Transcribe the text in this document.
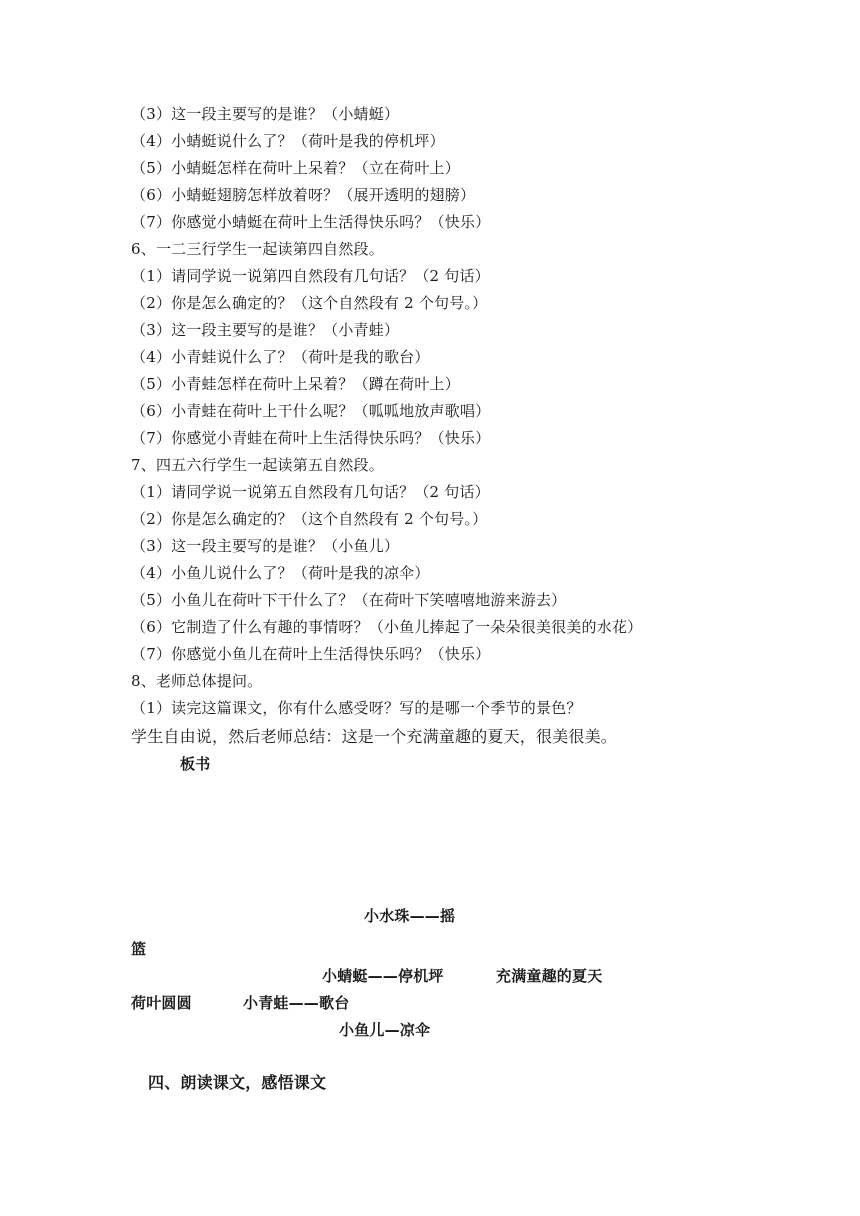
（3）这一段主要写的是谁？（小蜻蜓）
（4）小蜻蜓说什么了？（荷叶是我的停机坪）
（5）小蜻蜓怎样在荷叶上呆着？（立在荷叶上）
（6）小蜻蜓翅膀怎样放着呀？（展开透明的翅膀）
（7）你感觉小蜻蜓在荷叶上生活得快乐吗？（快乐）
6、一二三行学生一起读第四自然段。
（1）请同学说一说第四自然段有几句话？（2 句话）
（2）你是怎么确定的？（这个自然段有 2 个句号。）
（3）这一段主要写的是谁？（小青蛙）
（4）小青蛙说什么了？（荷叶是我的歌台）
（5）小青蛙怎样在荷叶上呆着？（蹲在荷叶上）
（6）小青蛙在荷叶上干什么呢？（呱呱地放声歌唱）
（7）你感觉小青蛙在荷叶上生活得快乐吗？（快乐）
7、四五六行学生一起读第五自然段。
（1）请同学说一说第五自然段有几句话？（2 句话）
（2）你是怎么确定的？（这个自然段有 2 个句号。）
（3）这一段主要写的是谁？（小鱼儿）
（4）小鱼儿说什么了？（荷叶是我的凉伞）
（5）小鱼儿在荷叶下干什么了？（在荷叶下笑嘻嘻地游来游去）
（6）它制造了什么有趣的事情呀？（小鱼儿捧起了一朵朵很美很美的水花）
（7）你感觉小鱼儿在荷叶上生活得快乐吗？（快乐）
8、老师总体提问。
（1）读完这篇课文，你有什么感受呀？写的是哪一个季节的景色？
学生自由说，然后老师总结：这是一个充满童趣的夏天，很美很美。
板书
小水珠——摇
篮
小蜻蜓——停机坪	充满童趣的夏天
荷叶圆圆	小青蛙——歌台
小鱼儿—凉伞
四、朗读课文，感悟课文
